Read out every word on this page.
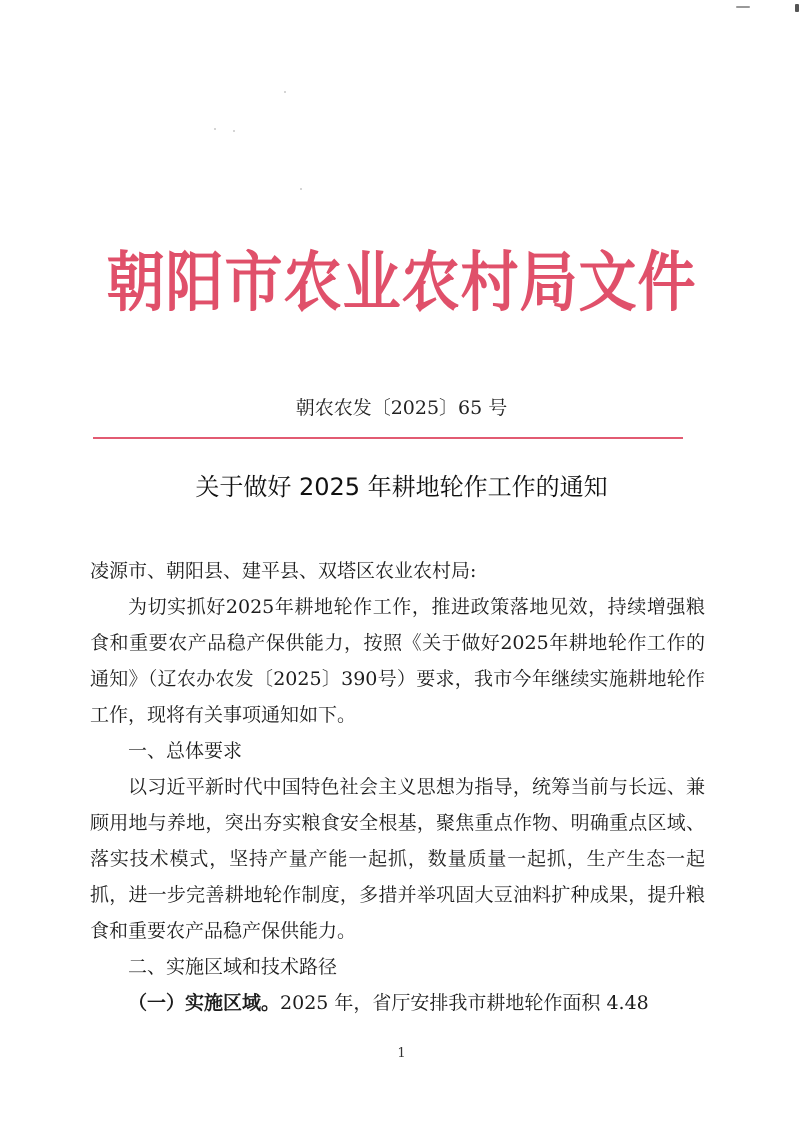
朝阳市农业农村局文件
朝农农发〔2025〕65 号
关于做好 2025 年耕地轮作工作的通知

凌源市、朝阳县、建平县、双塔区农业农村局:

为切实抓好2025年耕地轮作工作，推进政策落地见效，持续增强粮食和重要农产品稳产保供能力，按照《关于做好2025年耕地轮作工作的通知》（辽农办农发〔2025〕390号）要求，我市今年继续实施耕地轮作工作，现将有关事项通知如下。

一、总体要求

以习近平新时代中国特色社会主义思想为指导，统筹当前与长远、兼顾用地与养地，突出夯实粮食安全根基，聚焦重点作物、明确重点区域、落实技术模式，坚持产量产能一起抓，数量质量一起抓，生产生态一起抓，进一步完善耕地轮作制度，多措并举巩固大豆油料扩种成果，提升粮食和重要农产品稳产保供能力。

二、实施区域和技术路径

（一）实施区域。2025 年，省厅安排我市耕地轮作面积 4.48

1
